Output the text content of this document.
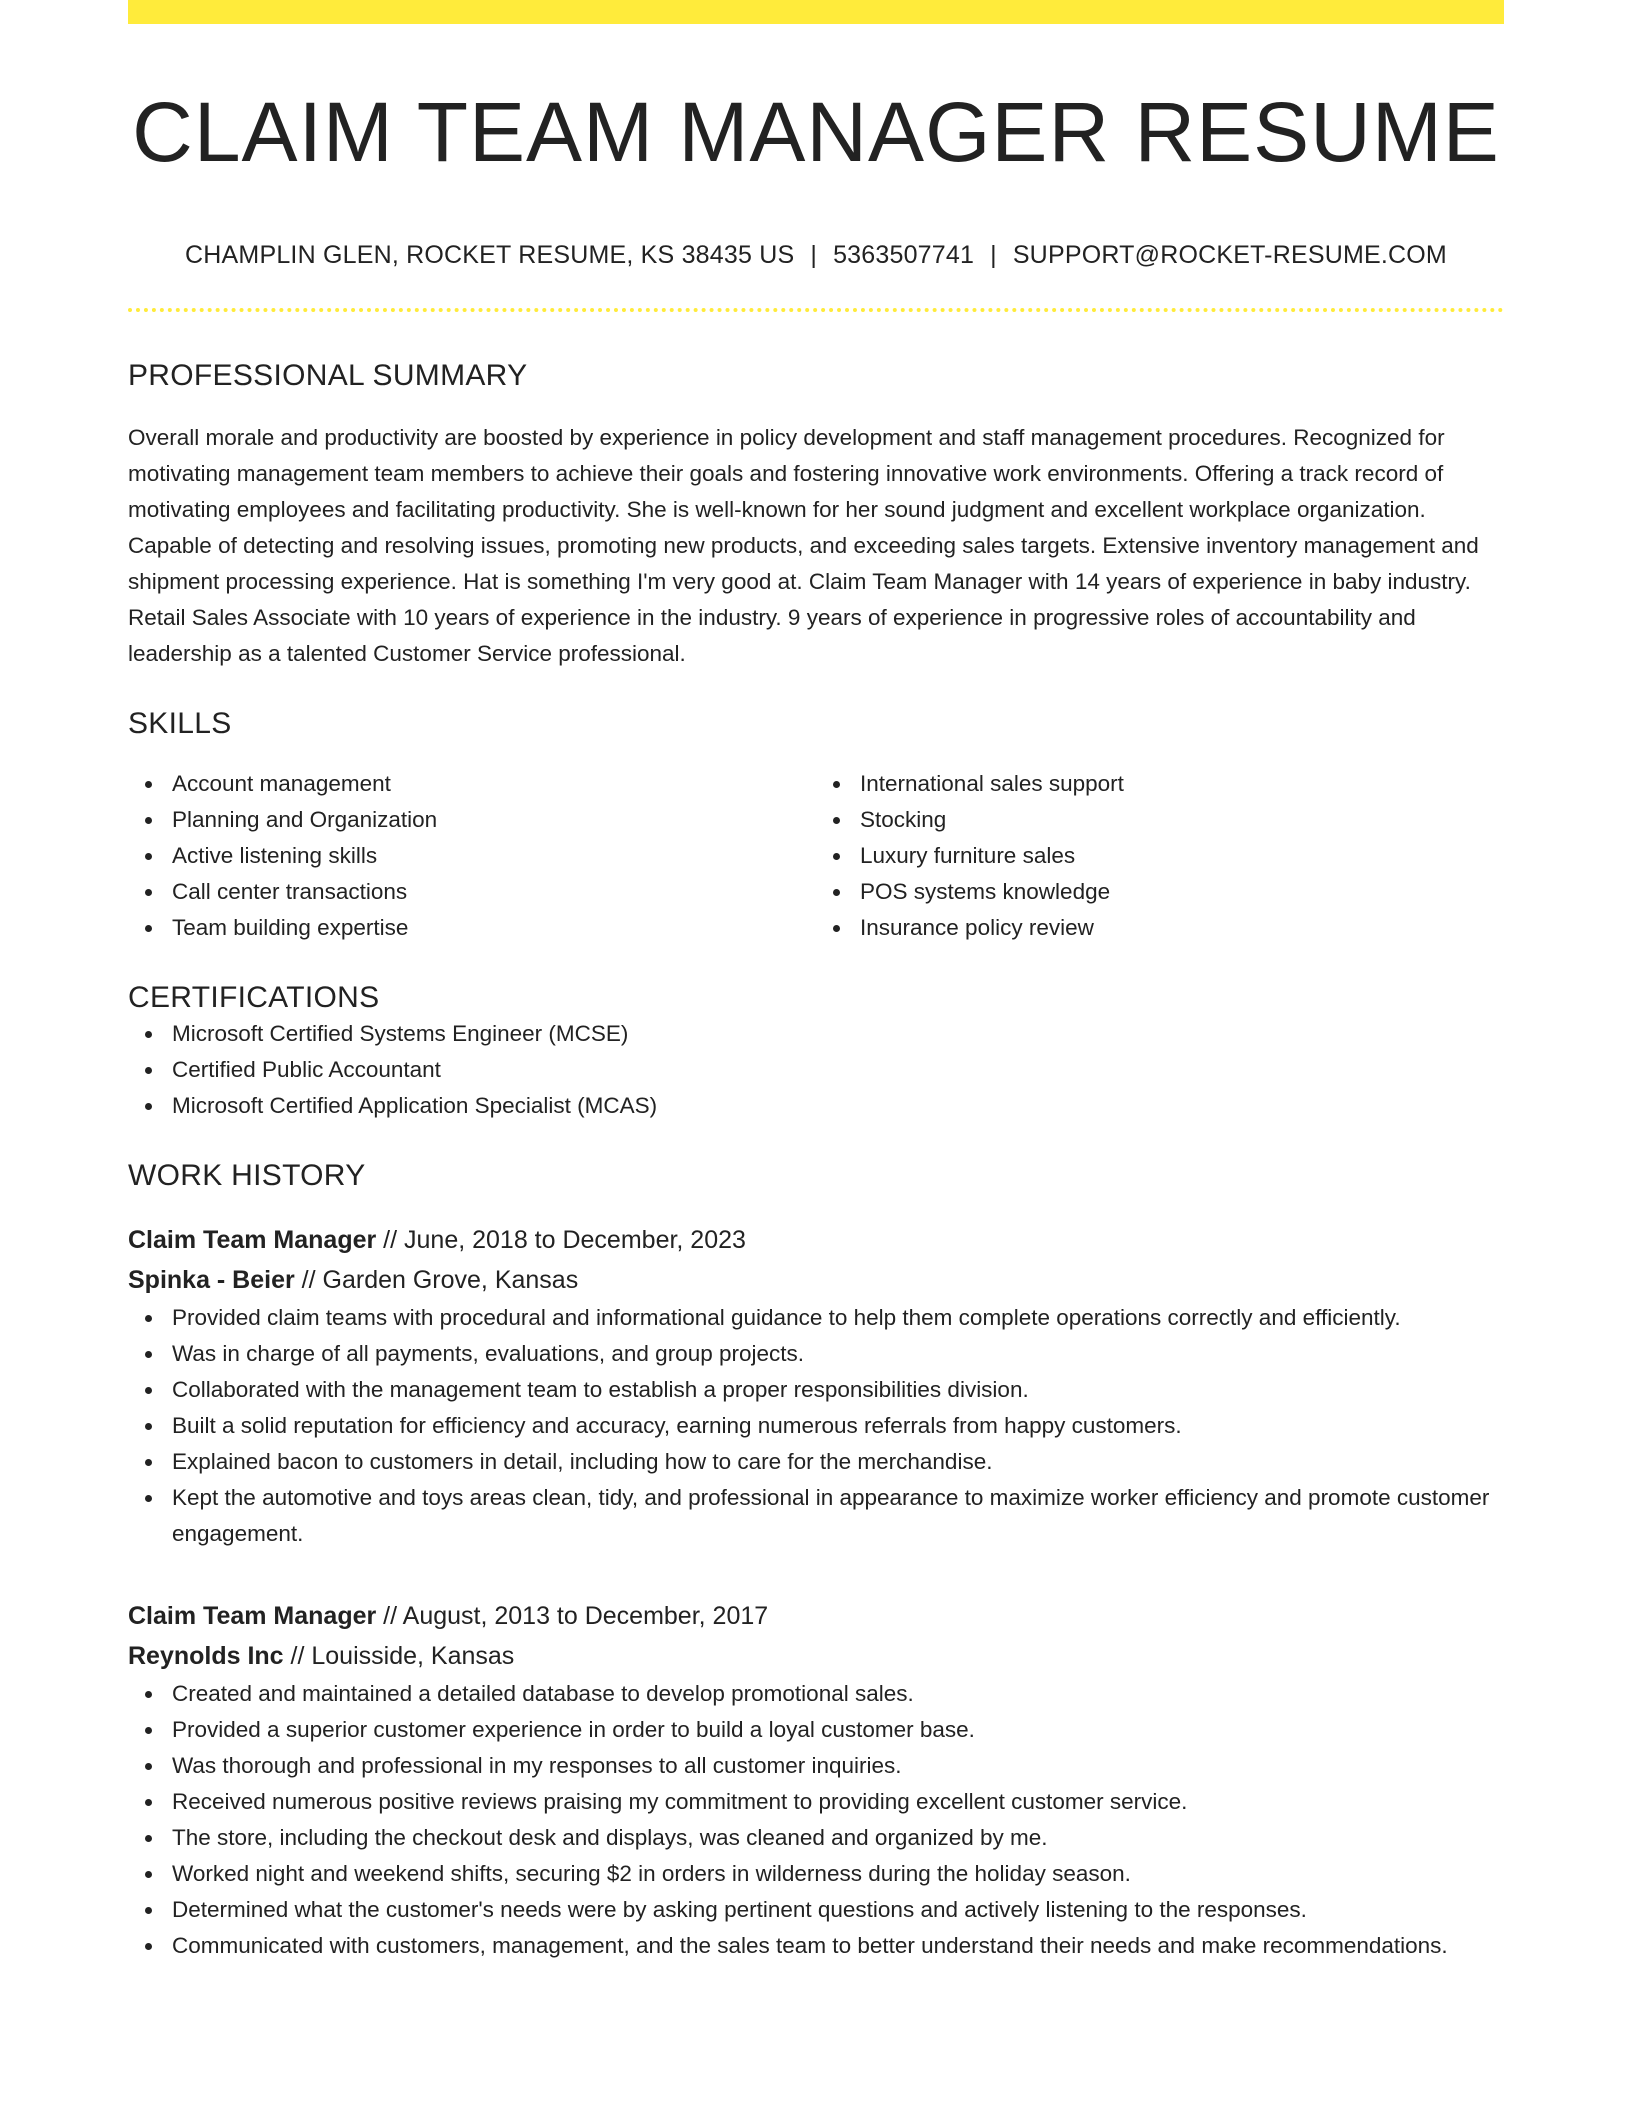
CLAIM TEAM MANAGER RESUME
CHAMPLIN GLEN, ROCKET RESUME, KS 38435 US | 5363507741 | SUPPORT@ROCKET-RESUME.COM
PROFESSIONAL SUMMARY

Overall morale and productivity are boosted by experience in policy development and staff management procedures. Recognized for motivating management team members to achieve their goals and fostering innovative work environments. Offering a track record of motivating employees and facilitating productivity. She is well-known for her sound judgment and excellent workplace organization. Capable of detecting and resolving issues, promoting new products, and exceeding sales targets. Extensive inventory management and shipment processing experience. Hat is something I'm very good at. Claim Team Manager with 14 years of experience in baby industry. Retail Sales Associate with 10 years of experience in the industry. 9 years of experience in progressive roles of accountability and leadership as a talented Customer Service professional.

SKILLS
Account management
Planning and Organization
Active listening skills
Call center transactions
Team building expertise
International sales support
Stocking
Luxury furniture sales
POS systems knowledge
Insurance policy review
CERTIFICATIONS
Microsoft Certified Systems Engineer (MCSE)
Certified Public Accountant
Microsoft Certified Application Specialist (MCAS)
WORK HISTORY
Claim Team Manager // June, 2018 to December, 2023
Spinka - Beier // Garden Grove, Kansas
Provided claim teams with procedural and informational guidance to help them complete operations correctly and efficiently.
Was in charge of all payments, evaluations, and group projects.
Collaborated with the management team to establish a proper responsibilities division.
Built a solid reputation for efficiency and accuracy, earning numerous referrals from happy customers.
Explained bacon to customers in detail, including how to care for the merchandise.
Kept the automotive and toys areas clean, tidy, and professional in appearance to maximize worker efficiency and promote customer engagement.
Claim Team Manager // August, 2013 to December, 2017
Reynolds Inc // Louisside, Kansas
Created and maintained a detailed database to develop promotional sales.
Provided a superior customer experience in order to build a loyal customer base.
Was thorough and professional in my responses to all customer inquiries.
Received numerous positive reviews praising my commitment to providing excellent customer service.
The store, including the checkout desk and displays, was cleaned and organized by me.
Worked night and weekend shifts, securing $2 in orders in wilderness during the holiday season.
Determined what the customer's needs were by asking pertinent questions and actively listening to the responses.
Communicated with customers, management, and the sales team to better understand their needs and make recommendations.
